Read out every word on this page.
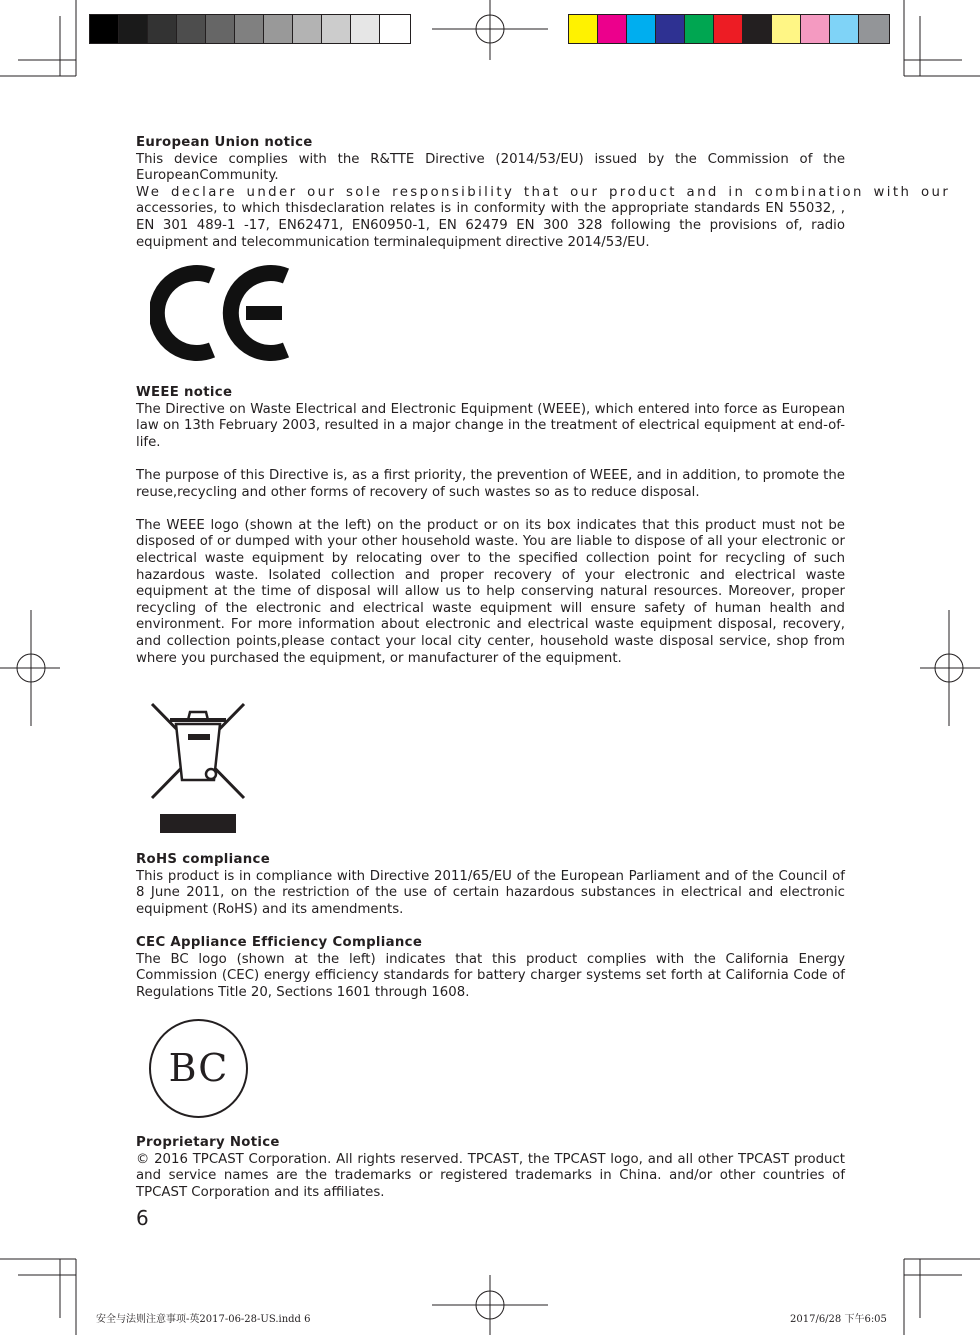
European Union notice

This device complies with the R&TTE Directive (2014/53/EU) issued by the Commission of the EuropeanCommunity.

We declare under our sole responsibility that our product and in combination with our

accessories, to which thisdeclaration relates is in conformity with the appropriate standards EN 55032, , EN 301 489-1 -17, EN62471, EN60950-1, EN 62479 EN 300 328 following the provisions of, radio equipment and telecommunication terminalequipment directive 2014/53/EU.

WEEE notice

The Directive on Waste Electrical and Electronic Equipment (WEEE), which entered into force as European law on 13th February 2003, resulted in a major change in the treatment of electrical equipment at end-of-life.

The purpose of this Directive is, as a first priority, the prevention of WEEE, and in addition, to promote the reuse,recycling and other forms of recovery of such wastes so as to reduce disposal.

The WEEE logo (shown at the left) on the product or on its box indicates that this product must not be disposed of or dumped with your other household waste. You are liable to dispose of all your electronic or electrical waste equipment by relocating over to the specified collection point for recycling of such hazardous waste. Isolated collection and proper recovery of your electronic and electrical waste equipment at the time of disposal will allow us to help conserving natural resources. Moreover, proper recycling of the electronic and electrical waste equipment will ensure safety of human health and environment. For more information about electronic and electrical waste equipment disposal, recovery, and collection points,please contact your local city center, household waste disposal service, shop from where you purchased the equipment, or manufacturer of the equipment.

RoHS compliance

This product is in compliance with Directive 2011/65/EU of the European Parliament and of the Council of 8 June 2011, on the restriction of the use of certain hazardous substances in electrical and electronic equipment (RoHS) and its amendments.

CEC Appliance Efficiency Compliance

The BC logo (shown at the left) indicates that this product complies with the California Energy Commission (CEC) energy efficiency standards for battery charger systems set forth at California Code of Regulations Title 20, Sections 1601 through 1608.

BC
Proprietary Notice

© 2016 TPCAST Corporation. All rights reserved. TPCAST, the TPCAST logo, and all other TPCAST product and service names are the trademarks or registered trademarks in China. and/or other countries of TPCAST Corporation and its affiliates.

6
安全与法则注意事项-英2017-06-28-US.indd 6	2017/6/28 下午6:05
